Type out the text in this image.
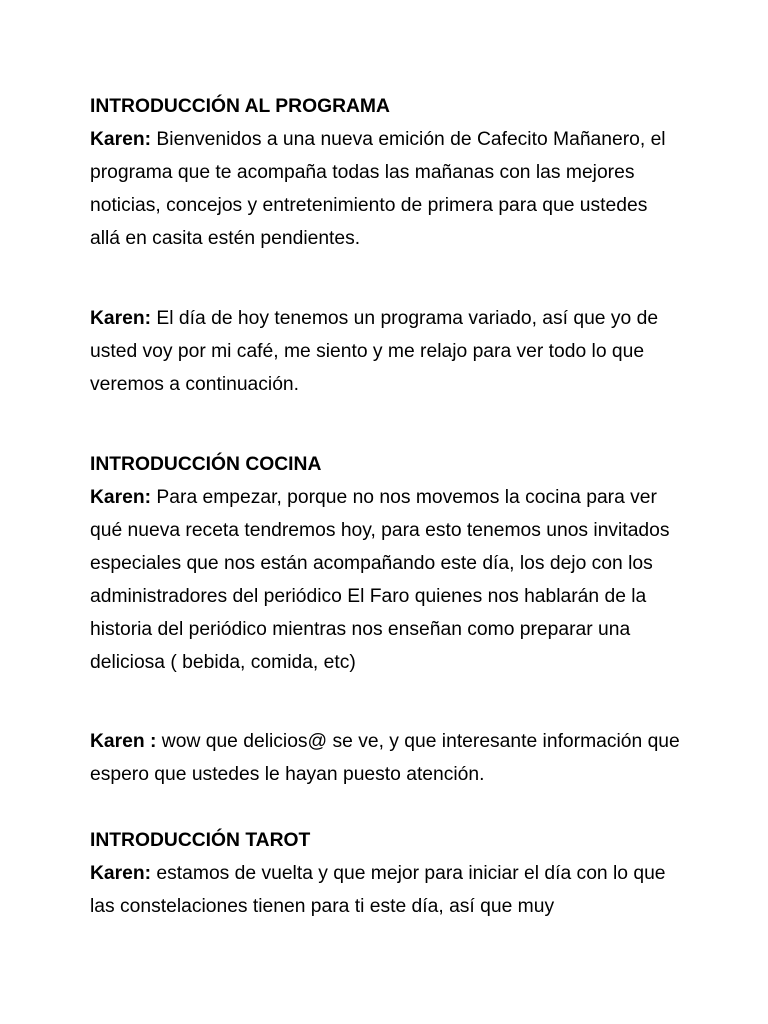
INTRODUCCIÓN AL PROGRAMA

Karen: Bienvenidos a una nueva emición de Cafecito Mañanero, el programa que te acompaña todas las mañanas con las mejores noticias, concejos y entretenimiento de primera para que ustedes allá en casita estén pendientes.

Karen: El día de hoy tenemos un programa variado, así que yo de usted voy por mi café, me siento y me relajo para ver todo lo que veremos a continuación.

INTRODUCCIÓN COCINA

Karen: Para empezar, porque no nos movemos la cocina para ver qué nueva receta tendremos hoy, para esto tenemos unos invitados especiales que nos están acompañando este día, los dejo con los administradores del periódico El Faro quienes nos hablarán de la historia del periódico mientras nos enseñan como preparar una deliciosa ( bebida, comida, etc)

Karen : wow que delicios@ se ve, y que interesante información que espero que ustedes le hayan puesto atención.

INTRODUCCIÓN TAROT

Karen: estamos de vuelta y que mejor para iniciar el día con lo que las constelaciones tienen para ti este día, así que muy
